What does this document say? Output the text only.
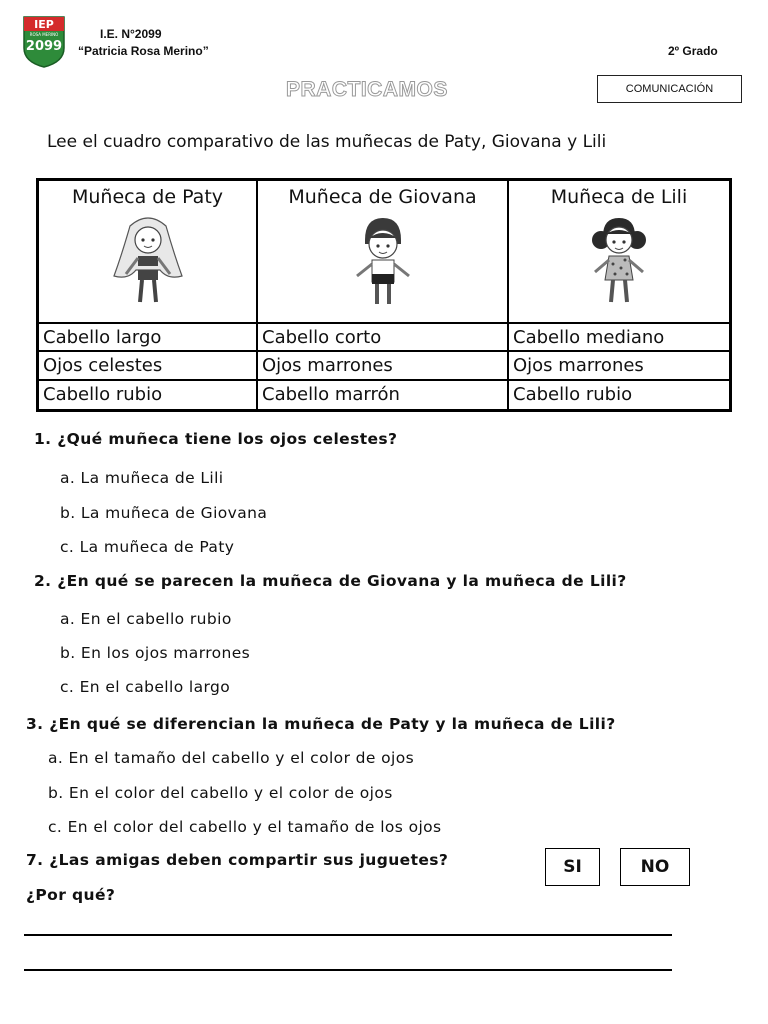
IEP
ROSA MERINO
2099
I.E. N°2099
“Patricia Rosa Merino”	2º Grado
PRACTICAMOS	COMUNICACIÓN
Lee el cuadro comparativo de las muñecas de Paty, Giovana y Lili
Muñeca de Paty	Muñeca de Giovana	Muñeca de Lili
Cabello largo	Cabello corto	Cabello mediano
Ojos celestes	Ojos marrones	Ojos marrones
Cabello rubio	Cabello marrón	Cabello rubio
1. ¿Qué muñeca tiene los ojos celestes?
a. La muñeca de Lili
b. La muñeca de Giovana
c. La muñeca de Paty
2. ¿En qué se parecen la muñeca de Giovana y la muñeca de Lili?
a. En el cabello rubio
b. En los ojos marrones
c. En el cabello largo
3. ¿En qué se diferencian la muñeca de Paty y la muñeca de Lili?
a. En el tamaño del cabello y el color de ojos
b. En el color del cabello y el color de ojos
c. En el color del cabello y el tamaño de los ojos
7. ¿Las amigas deben compartir sus juguetes?
¿Por qué?
SI	NO
